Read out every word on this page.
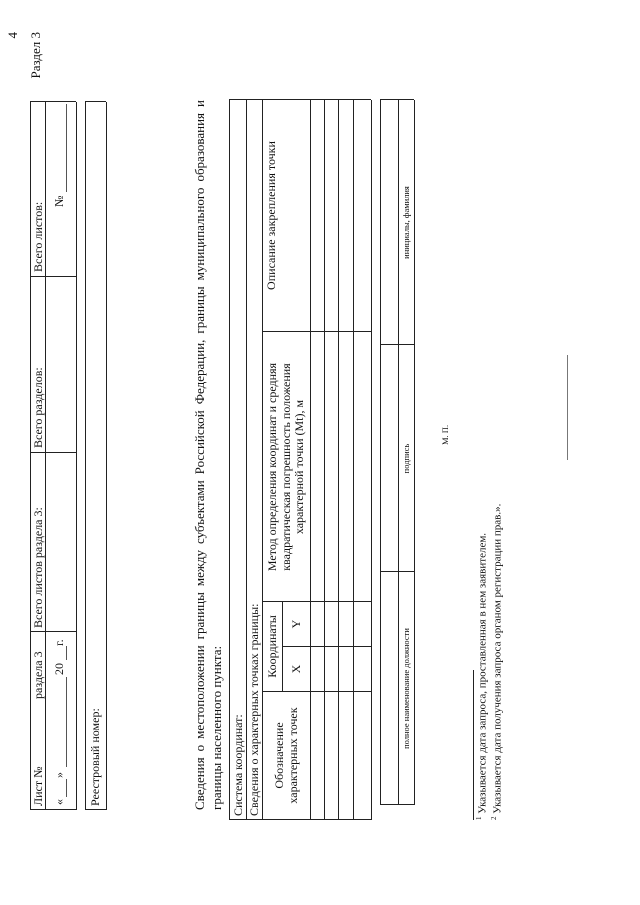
4 Раздел 3
Лист №
раздела 3
Всего листов раздела 3:
Всего разделов:
Всего листов:
«
»
20
г.
№
Реестровый номер:	Сведения о местоположении границы между субъектами Российской Федерации, границы муниципального образования и границы населенного пункта: Система координат: Сведения о характерных точках границы: Обозначение характерных точек
Координаты X
Y
Метод определения координат и средняя квадратическая погрешность положения характерной точки (Mt), м
Описание закрепления точки
полное наименование должности
подпись
инициалы, фамилия
М. П.
$^1$ Указывается дата запроса, проставленная в нем заявителем.
$^2$ Указывается дата получения запроса органом регистрации прав.».
